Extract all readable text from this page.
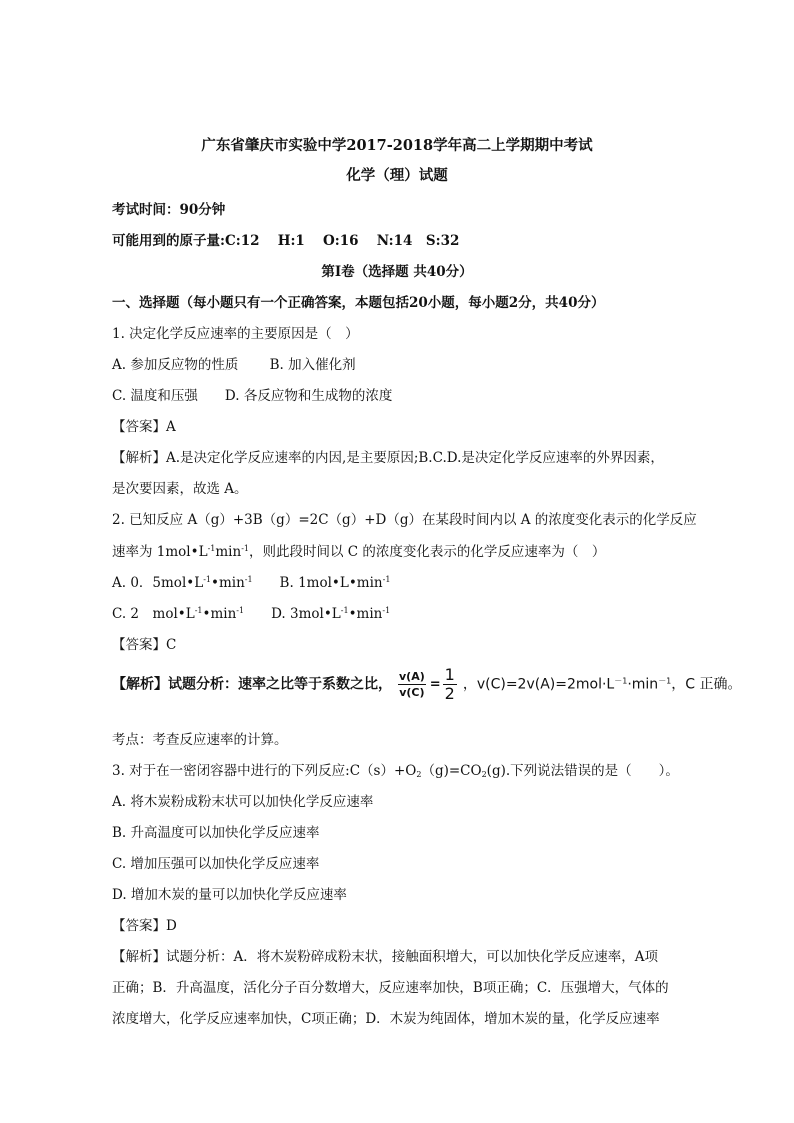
广东省肇庆市实验中学2017-2018学年高二上学期期中考试
化学（理）试题
考试时间：90分钟
可能用到的原子量:C:12　 H:1　 O:16　 N:14　S:32
第Ⅰ卷（选择题 共40分）
一、选择题（每小题只有一个正确答案，本题包括20小题，每小题2分，共40分）
1. 决定化学反应速率的主要原因是（　）
A. 参加反应物的性质　　 B. 加入催化剂
C. 温度和压强　　D. 各反应物和生成物的浓度
【答案】A
【解析】A.是决定化学反应速率的内因,是主要原因;B.C.D.是决定化学反应速率的外界因素，
是次要因素，故选 A。
2. 已知反应 A（g）+3B（g）=2C（g）+D（g）在某段时间内以 A 的浓度变化表示的化学反应
速率为 $1mol•L^{-1}\min^{-1}$，则此段时间以 C 的浓度变化表示的化学反应速率为（　）
A. 0．$5mol•L^{-1}•\min^{-1}$　　B. $1mol•L•\min^{-1}$
C. 2　$mol•L^{-1}•\min^{-1}$　　D. $3mol•L^{-1}•\min^{-1}$
【答案】C
【解析】试题分析：速率之比等于系数之比， $\frac{v(A)}{v(C)} = \frac{1}{2}$ ，$v(C)=2v(A)=2mol\cdot L^{-1}\cdot\min^{-1}$，C 正确。
考点：考查反应速率的计算。
3. 对于在一密闭容器中进行的下列反应$:C(s)+O_2(g)=CO_2(g)$.下列说法错误的是（　　）。
A. 将木炭粉成粉末状可以加快化学反应速率
B. 升高温度可以加快化学反应速率
C. 增加压强可以加快化学反应速率
D. 增加木炭的量可以加快化学反应速率
【答案】D
【解析】试题分析：A．将木炭粉碎成粉末状，接触面积增大，可以加快化学反应速率，A项
正确；B．升高温度，活化分子百分数增大，反应速率加快，B项正确；C．压强增大，气体的
浓度增大，化学反应速率加快，C项正确；D．木炭为纯固体，增加木炭的量，化学反应速率
